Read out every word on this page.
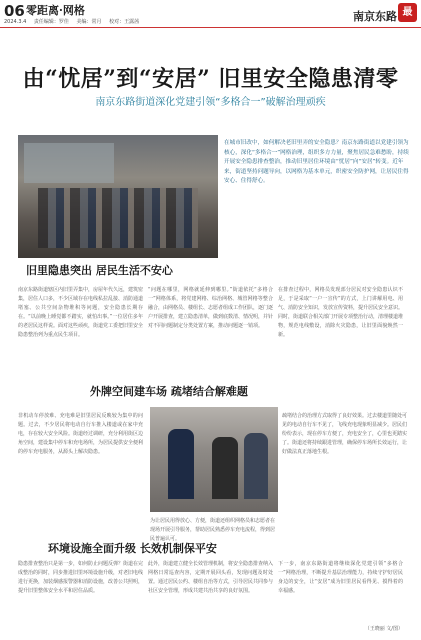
06 零距离·网格
2024.3.4 责任编辑：罗佳 美编：常月 校对：王露茜	南京东路 最
由“忧居”到“安居” 旧里安全隐患清零
南京东路街道深化党建引领“多格合一”破解治理顽疾
在城市旧改中，如何解决老旧里弄的安全隐患？南京东路街道以党建引领为核心，深化“多格合一”网格治理，组织多方力量，聚焦居民急难愁盼，持续开展安全隐患排查整治，推动旧里居住环境由“忧居”向“安居”转变。近年来，街道坚持问题导向，以网格为基本单元，织密安全防护网，让居民住得安心、住得舒心。
旧里隐患突出 居民生活不安心
南京东路街道辖区内旧里弄集中，房屋年代久远，建筑密集，居住人口多，不少区域存在电线私拉乱接、消防通道堵塞、公共空间杂物堆积等问题，安全隐患长期存在。“以前晚上睡觉都不踏实，就怕出事。”一位居住多年的老居民这样说。面对这些顽疾，街道党工委把旧里安全隐患整治列为重点民生项目。
“问题在哪里，网格就延伸到哪里。”街道依托“多格合一”网格体系，将党建网格、综治网格、城管网格等整合融合，由网格员、楼组长、志愿者组成工作团队，逐门逐户开展排查，建立隐患清单，做到底数清、情况明，并针对不同问题制定分类处置方案，推动问题逐一销项。
在排查过程中，网格员发现部分居民对安全隐患认识不足，于是采取“一户一宣传”的方式，上门讲解用电、用气、消防安全知识，发放宣传资料，提升居民安全意识。同时，街道联合相关部门开展专项整治行动，清理楼道堆物，规范电线敷设，消除火灾隐患，让旧里面貌焕然一新。
外牌空间建车场 疏堵结合解难题
非机动车停放难、充电难是旧里居民反映较为集中的问题。过去，不少居民将电动自行车推入楼道或在家中充电，存在较大安全风险。街道经过调研，充分利用街区边角空间，建设集中停车和充电场所，为居民提供安全便利的停车充电服务，从源头上解决隐患。
为让居民用得放心、方便，街道还组织网格员和志愿者在现场开展引导服务，帮助居民熟悉停车充电流程，得到居民普遍认可。
疏堵结合的治理方式取得了良好效果。过去楼道里随处可见的电动自行车不见了，飞线充电现象明显减少。居民们纷纷表示，现在停车方便了，充电安全了，心里也更踏实了。街道还将持续跟进管理，确保停车场所长效运行，让好做法真正落地生根。
环境设施全面升级 长效机制保平安
隐患排查整治只是第一步，如何防止问题反弹？街道在完成整治的同时，同步推进旧里环境设施升级，对老旧电线进行更换，加装烟感报警器和消防设施，改善公共照明，提升旧里整体安全水平和居住品质。
此外，街道建立健全长效管理机制，将安全隐患排查纳入网格日常巡查内容，定期开展回头看，发现问题及时处置。通过居民公约、楼组自治等方式，引导居民共同参与社区安全管理，形成共建共治共享的良好氛围。
下一步，南京东路街道将继续深化党建引领“多格合一”网格治理，不断提升基层治理能力，持续守护好居民身边的安全，让“安居”成为旧里居民看得见、摸得着的幸福感。
（王晓丽 文/图）
